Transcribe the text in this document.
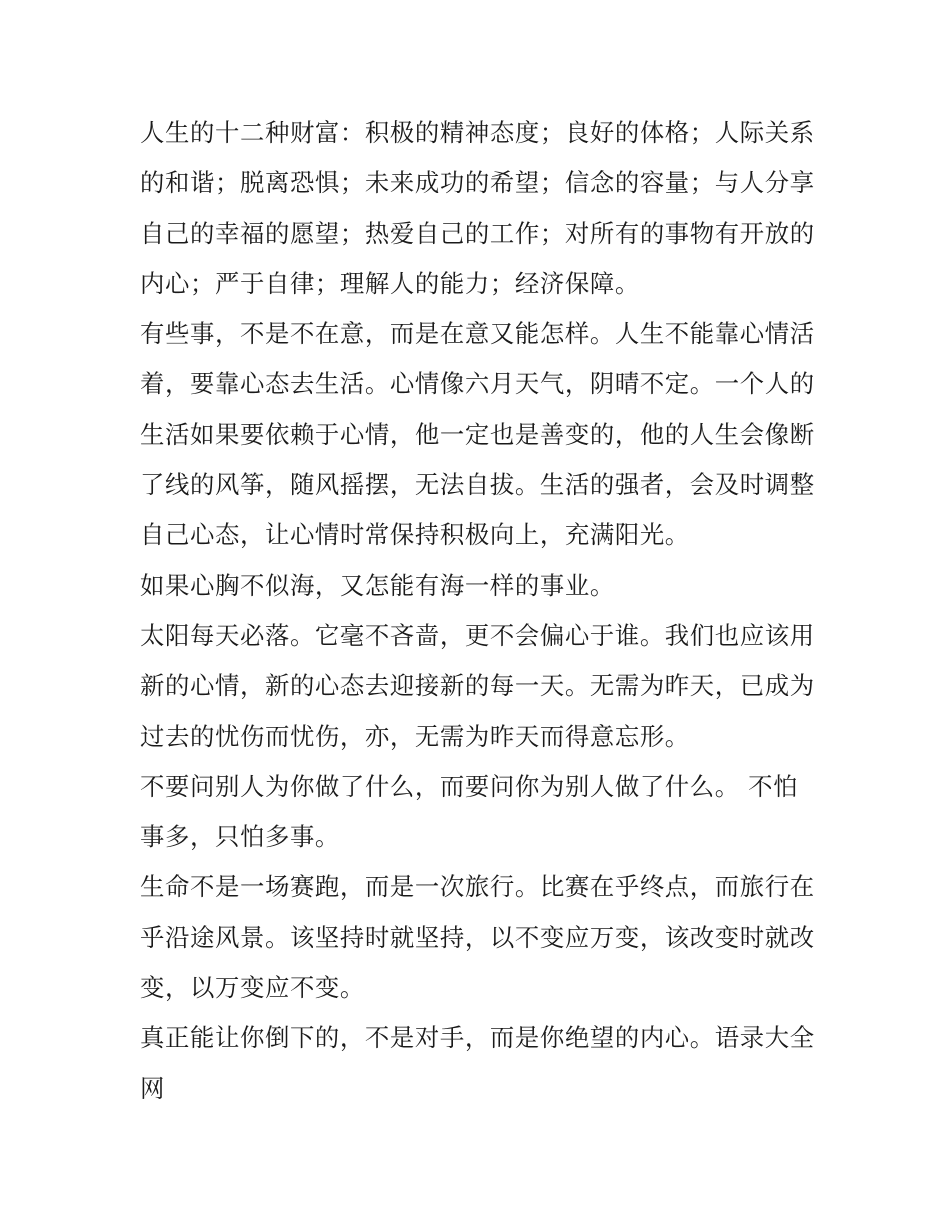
人生的十二种财富：积极的精神态度；良好的体格；人际关系
的和谐；脱离恐惧；未来成功的希望；信念的容量；与人分享
自己的幸福的愿望；热爱自己的工作；对所有的事物有开放的
内心；严于自律；理解人的能力；经济保障。
有些事，不是不在意，而是在意又能怎样。人生不能靠心情活
着，要靠心态去生活。心情像六月天气，阴晴不定。一个人的
生活如果要依赖于心情，他一定也是善变的，他的人生会像断
了线的风筝，随风摇摆，无法自拔。生活的强者，会及时调整
自己心态，让心情时常保持积极向上，充满阳光。
如果心胸不似海，又怎能有海一样的事业。
太阳每天必落。它毫不吝啬，更不会偏心于谁。我们也应该用
新的心情，新的心态去迎接新的每一天。无需为昨天，已成为
过去的忧伤而忧伤，亦，无需为昨天而得意忘形。
不要问别人为你做了什么，而要问你为别人做了什么。 不怕
事多，只怕多事。
生命不是一场赛跑，而是一次旅行。比赛在乎终点，而旅行在
乎沿途风景。该坚持时就坚持，以不变应万变，该改变时就改
变，以万变应不变。
真正能让你倒下的，不是对手，而是你绝望的内心。语录大全
网
